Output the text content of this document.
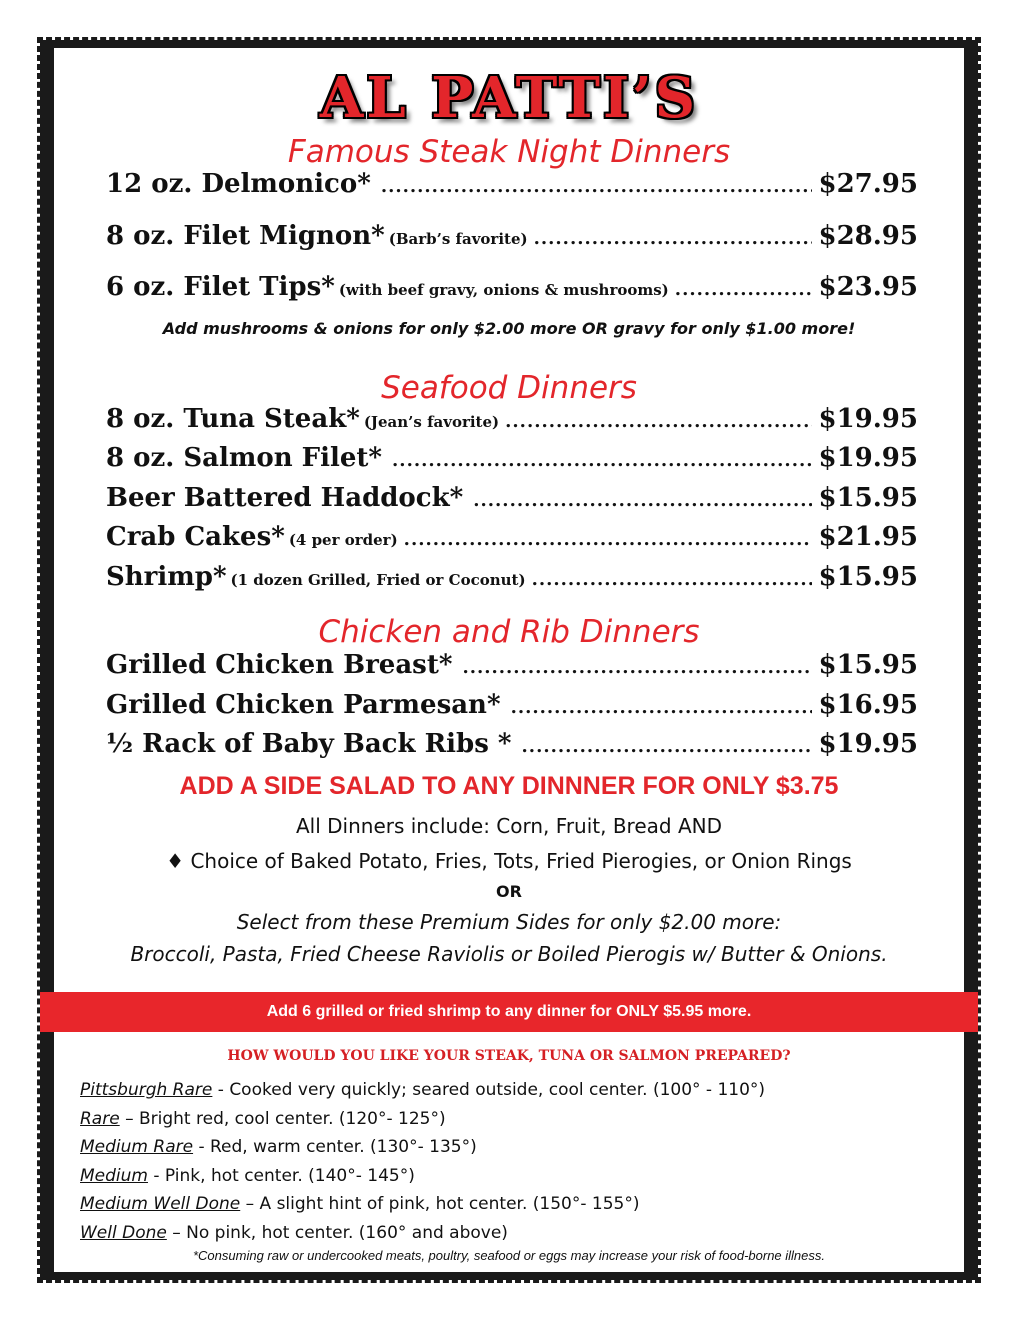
AL PATTI’S
Famous Steak Night Dinners
12 oz. Delmonico* .....	$27.95
8 oz. Filet Mignon* (Barb’s favorite) .....	$28.95
6 oz. Filet Tips* (with beef gravy, onions & mushrooms) .....	$23.95
Add mushrooms & onions for only $2.00 more OR gravy for only $1.00 more!
Seafood Dinners
8 oz. Tuna Steak* (Jean’s favorite) .....	$19.95
8 oz. Salmon Filet* .....	$19.95
Beer Battered Haddock* .....	$15.95
Crab Cakes* (4 per order) .....	$21.95
Shrimp* (1 dozen Grilled, Fried or Coconut) .....	$15.95
Chicken and Rib Dinners
Grilled Chicken Breast* .....	$15.95
Grilled Chicken Parmesan* .....	$16.95
½ Rack of Baby Back Ribs * .....	$19.95
ADD A SIDE SALAD TO ANY DINNNER FOR ONLY $3.75
All Dinners include: Corn, Fruit, Bread AND
♦ Choice of Baked Potato, Fries, Tots, Fried Pierogies, or Onion Rings
OR
Select from these Premium Sides for only $2.00 more:
Broccoli, Pasta, Fried Cheese Raviolis or Boiled Pierogis w/ Butter & Onions.
Add 6 grilled or fried shrimp to any dinner for ONLY $5.95 more.
HOW WOULD YOU LIKE YOUR STEAK, TUNA OR SALMON PREPARED?
Pittsburgh Rare - Cooked very quickly; seared outside, cool center. (100° - 110°)
Rare – Bright red, cool center. (120°- 125°)
Medium Rare - Red, warm center. (130°- 135°)
Medium - Pink, hot center. (140°- 145°)
Medium Well Done – A slight hint of pink, hot center. (150°- 155°)
Well Done – No pink, hot center. (160° and above)
*Consuming raw or undercooked meats, poultry, seafood or eggs may increase your risk of food-borne illness.
